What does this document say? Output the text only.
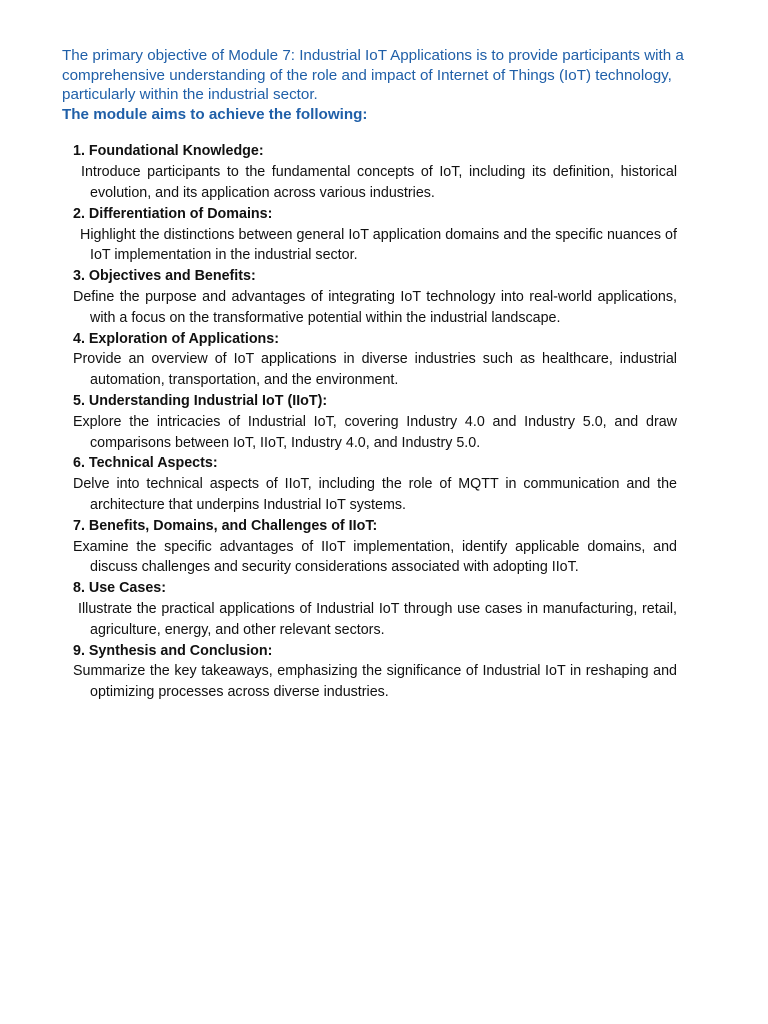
The primary objective of Module 7: Industrial IoT Applications is to provide participants with a comprehensive understanding of the role and impact of Internet of Things (IoT) technology, particularly within the industrial sector.

The module aims to achieve the following:

1. Foundational Knowledge:

Introduce participants to the fundamental concepts of IoT, including its definition, historical evolution, and its application across various industries.

2. Differentiation of Domains:

Highlight the distinctions between general IoT application domains and the specific nuances of IoT implementation in the industrial sector.

3. Objectives and Benefits:

Define the purpose and advantages of integrating IoT technology into real-world applications, with a focus on the transformative potential within the industrial landscape.

4. Exploration of Applications:

Provide an overview of IoT applications in diverse industries such as healthcare, industrial automation, transportation, and the environment.

5. Understanding Industrial IoT (IIoT):

Explore the intricacies of Industrial IoT, covering Industry 4.0 and Industry 5.0, and draw comparisons between IoT, IIoT, Industry 4.0, and Industry 5.0.

6. Technical Aspects:

Delve into technical aspects of IIoT, including the role of MQTT in communication and the architecture that underpins Industrial IoT systems.

7. Benefits, Domains, and Challenges of IIoT:

Examine the specific advantages of IIoT implementation, identify applicable domains, and discuss challenges and security considerations associated with adopting IIoT.

8. Use Cases:

Illustrate the practical applications of Industrial IoT through use cases in manufacturing, retail, agriculture, energy, and other relevant sectors.

9. Synthesis and Conclusion:

Summarize the key takeaways, emphasizing the significance of Industrial IoT in reshaping and optimizing processes across diverse industries.
